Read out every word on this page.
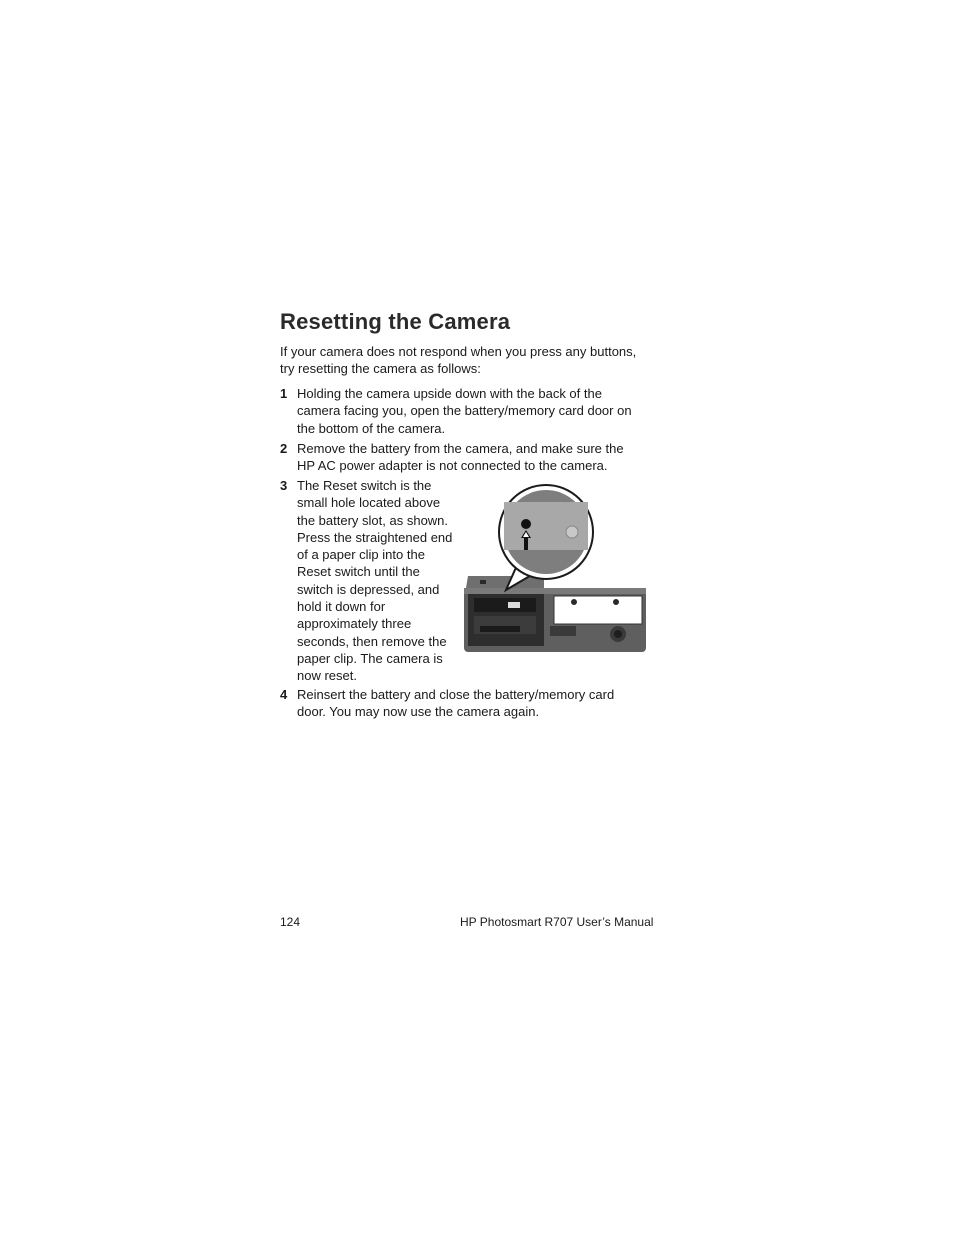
Resetting the Camera

If your camera does not respond when you press any buttons, try resetting the camera as follows:

1 Holding the camera upside down with the back of the
camera facing you, open the battery/memory card door on
the bottom of the camera.
2 Remove the battery from the camera, and make sure the
HP AC power adapter is not connected to the camera.
3 The Reset switch is the
small hole located above
the battery slot, as shown.
Press the straightened end
of a paper clip into the
Reset switch until the
switch is depressed, and
hold it down for
approximately three
seconds, then remove the
paper clip. The camera is
now reset.
4 Reinsert the battery and close the battery/memory card
door. You may now use the camera again.
124	HP Photosmart R707 User’s Manual
